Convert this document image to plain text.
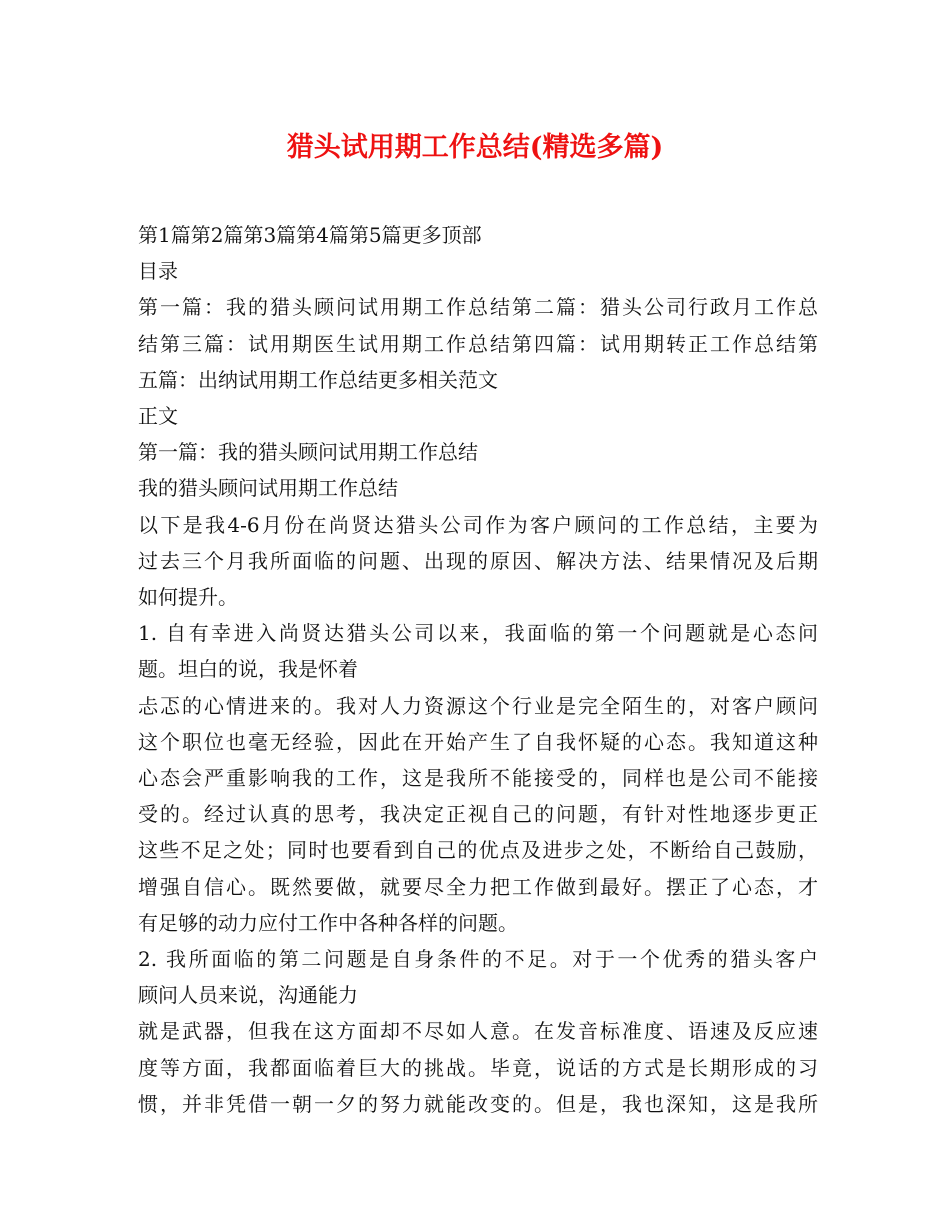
猎头试用期工作总结(精选多篇)

第1篇第2篇第3篇第4篇第5篇更多顶部

目录

第一篇：我的猎头顾问试用期工作总结第二篇：猎头公司行政月工作总

结第三篇：试用期医生试用期工作总结第四篇：试用期转正工作总结第

五篇：出纳试用期工作总结更多相关范文

正文

第一篇：我的猎头顾问试用期工作总结

我的猎头顾问试用期工作总结

以下是我4-6月份在尚贤达猎头公司作为客户顾问的工作总结，主要为

过去三个月我所面临的问题、出现的原因、解决方法、结果情况及后期

如何提升。

1. 自有幸进入尚贤达猎头公司以来，我面临的第一个问题就是心态问

题。坦白的说，我是怀着

忐忑的心情进来的。我对人力资源这个行业是完全陌生的，对客户顾问

这个职位也毫无经验，因此在开始产生了自我怀疑的心态。我知道这种

心态会严重影响我的工作，这是我所不能接受的，同样也是公司不能接

受的。经过认真的思考，我决定正视自己的问题，有针对性地逐步更正

这些不足之处；同时也要看到自己的优点及进步之处，不断给自己鼓励，

增强自信心。既然要做，就要尽全力把工作做到最好。摆正了心态，才

有足够的动力应付工作中各种各样的问题。

2. 我所面临的第二问题是自身条件的不足。对于一个优秀的猎头客户

顾问人员来说，沟通能力

就是武器，但我在这方面却不尽如人意。在发音标准度、语速及反应速

度等方面，我都面临着巨大的挑战。毕竟，说话的方式是长期形成的习

惯，并非凭借一朝一夕的努力就能改变的。但是，我也深知，这是我所
